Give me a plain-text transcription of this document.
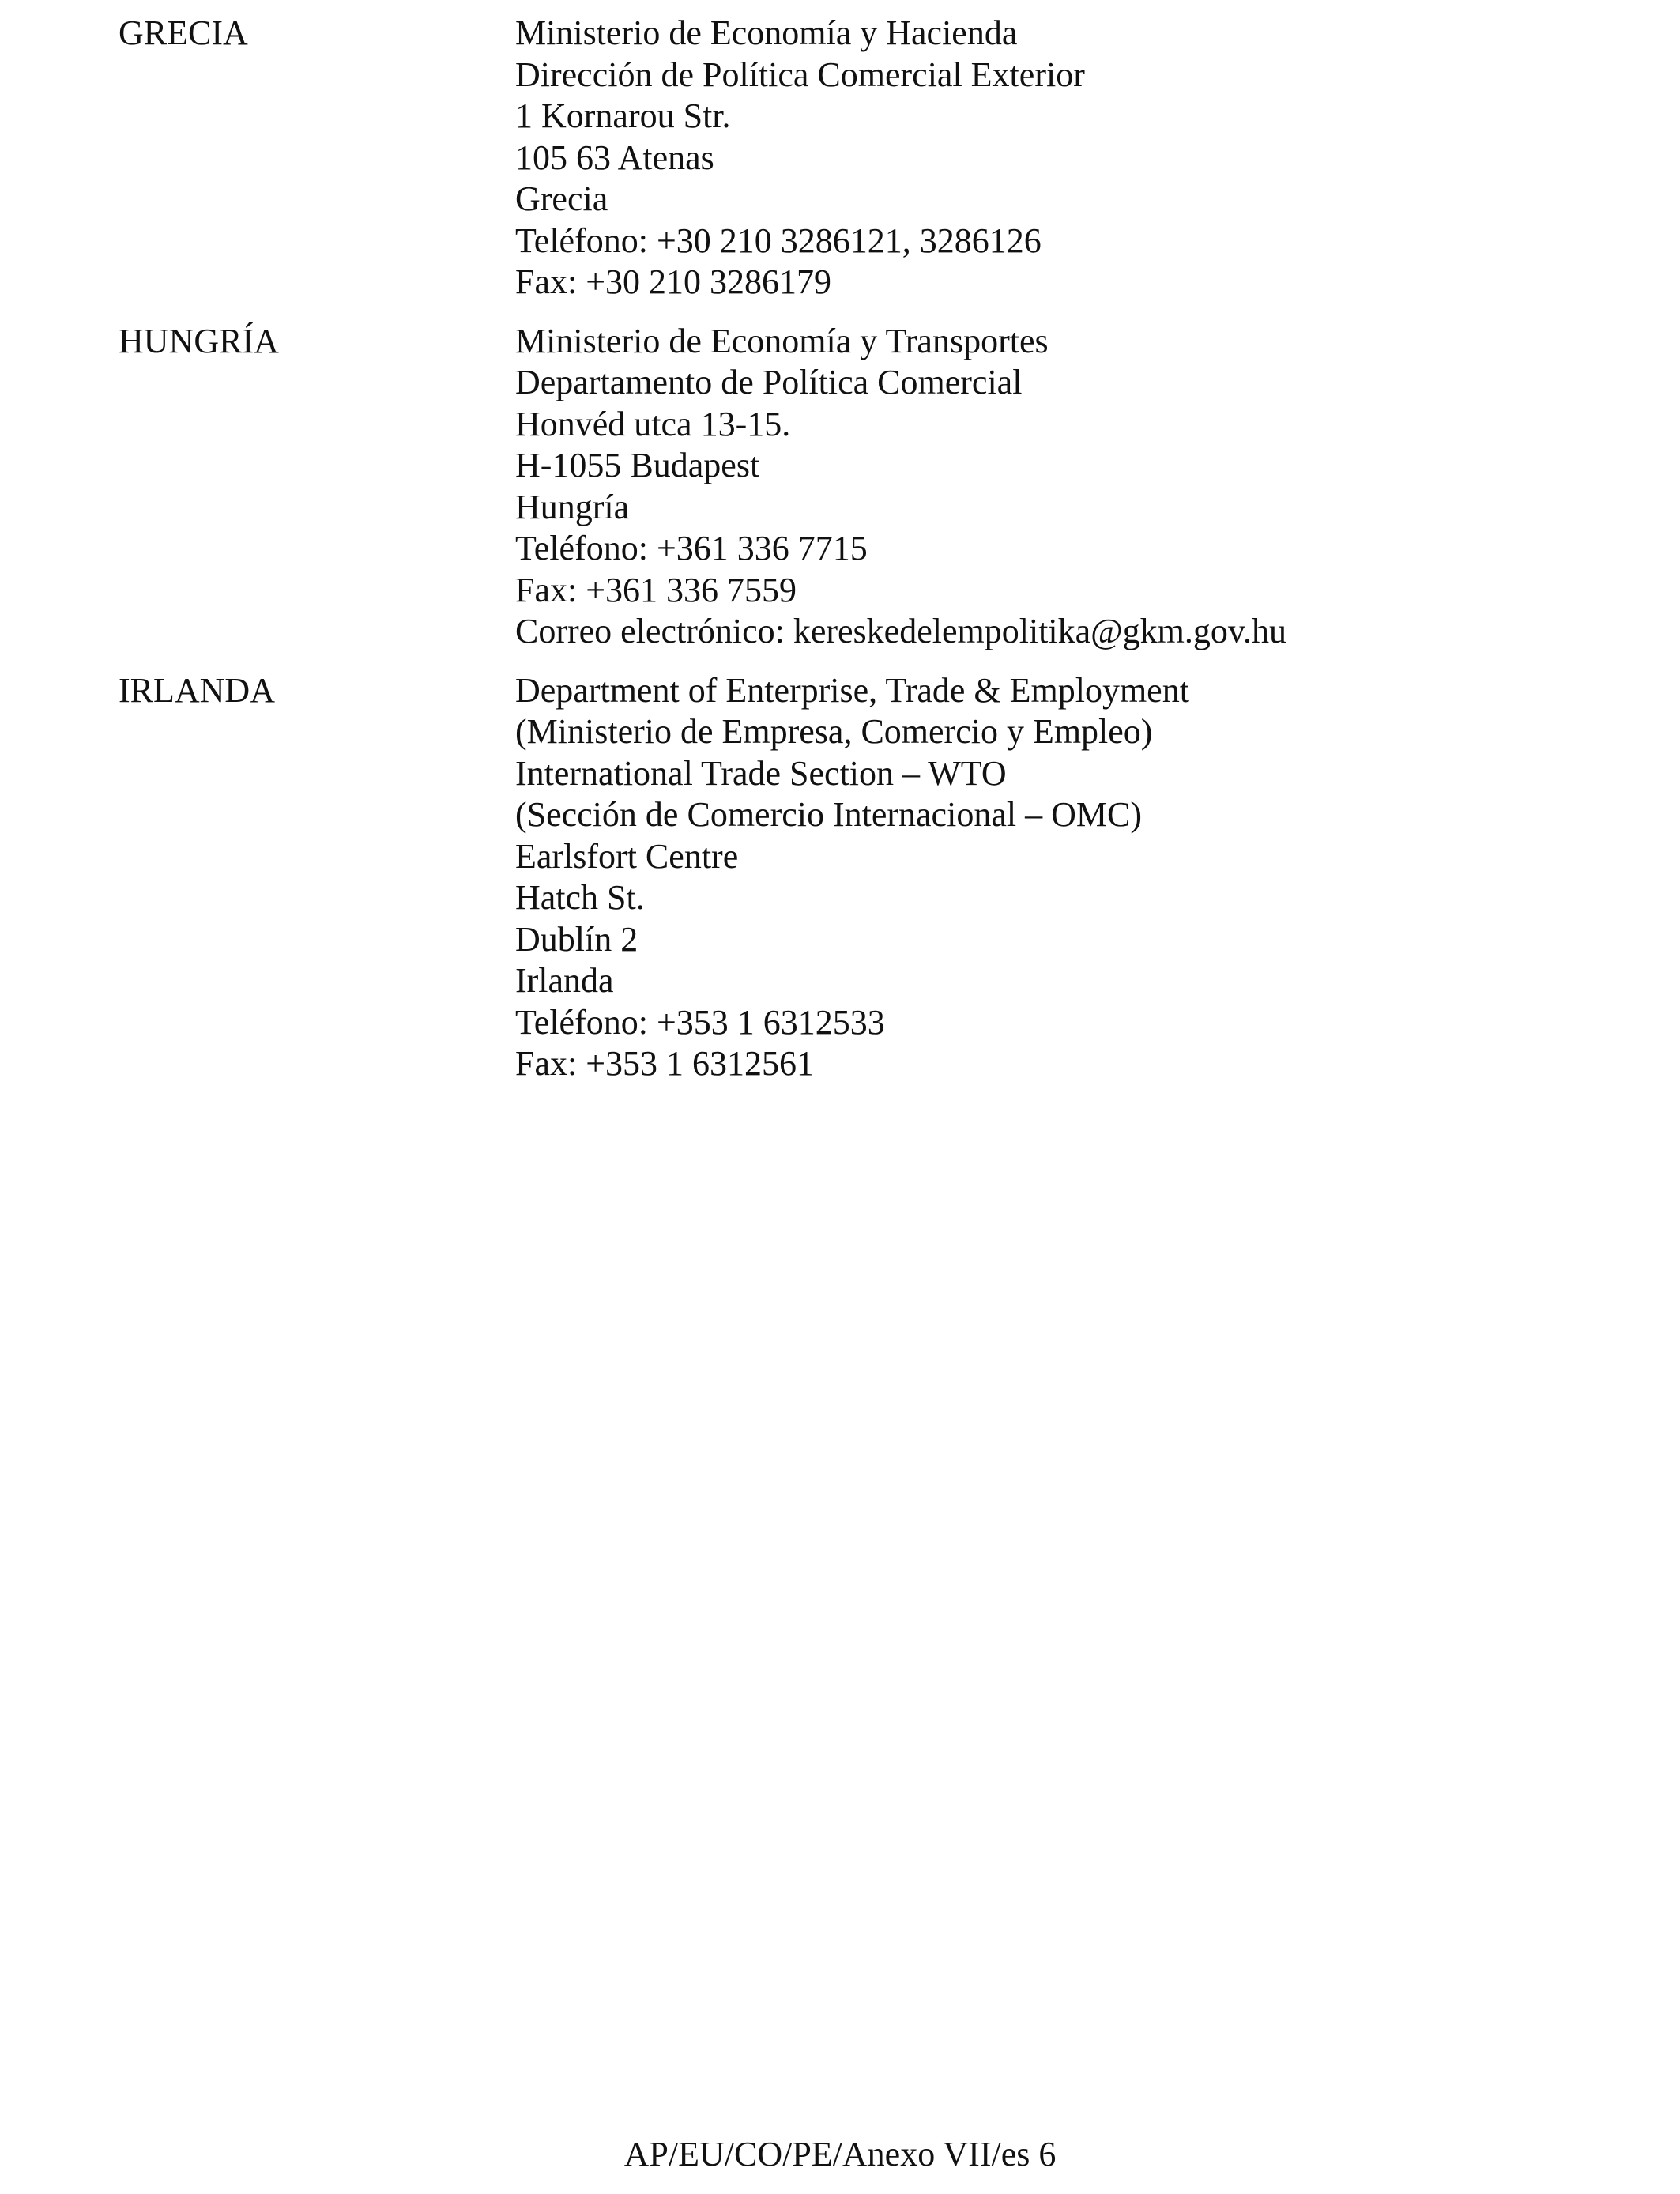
GRECIA	Ministerio de Economía y Hacienda
Dirección de Política Comercial Exterior
1 Kornarou Str.
105 63 Atenas
Grecia
Teléfono: +30 210 3286121, 3286126
Fax: +30 210 3286179
HUNGRÍA	Ministerio de Economía y Transportes
Departamento de Política Comercial
Honvéd utca 13-15.
H-1055 Budapest
Hungría
Teléfono: +361 336 7715
Fax: +361 336 7559
Correo electrónico: kereskedelempolitika@gkm.gov.hu
IRLANDA	Department of Enterprise, Trade & Employment
(Ministerio de Empresa, Comercio y Empleo)
International Trade Section – WTO
(Sección de Comercio Internacional – OMC)
Earlsfort Centre
Hatch St.
Dublín 2
Irlanda
Teléfono: +353 1 6312533
Fax: +353 1 6312561
AP/EU/CO/PE/Anexo VII/es 6
